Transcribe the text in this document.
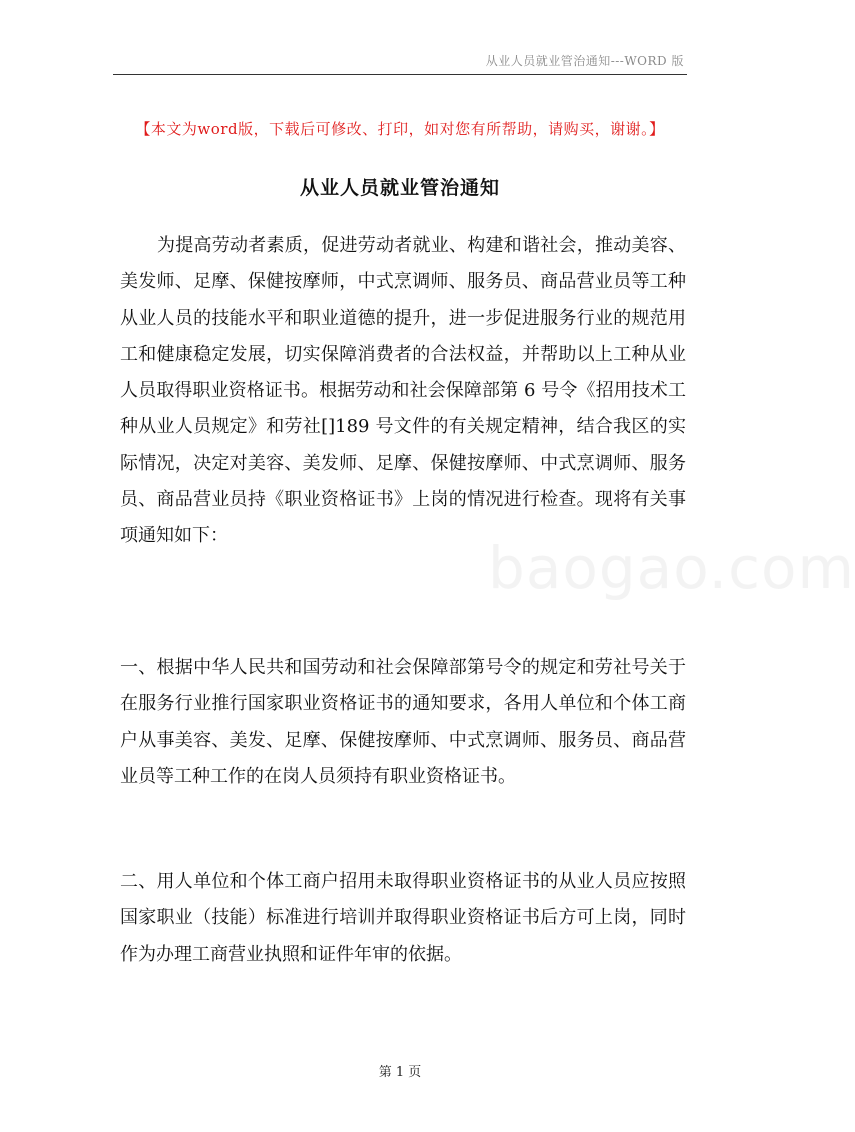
从业人员就业管治通知---WORD 版
【本文为word版，下载后可修改、打印，如对您有所帮助，请购买，谢谢。】
从业人员就业管治通知
为提高劳动者素质，促进劳动者就业、构建和谐社会，推动美容、美发师、足摩、保健按摩师，中式烹调师、服务员、商品营业员等工种从业人员的技能水平和职业道德的提升，进一步促进服务行业的规范用工和健康稳定发展，切实保障消费者的合法权益，并帮助以上工种从业人员取得职业资格证书。根据劳动和社会保障部第 6 号令《招用技术工种从业人员规定》和劳社[]189 号文件的有关规定精神，结合我区的实际情况，决定对美容、美发师、足摩、保健按摩师、中式烹调师、服务员、商品营业员持《职业资格证书》上岗的情况进行检查。现将有关事项通知如下：
一、根据中华人民共和国劳动和社会保障部第号令的规定和劳社号关于在服务行业推行国家职业资格证书的通知要求，各用人单位和个体工商户从事美容、美发、足摩、保健按摩师、中式烹调师、服务员、商品营业员等工种工作的在岗人员须持有职业资格证书。
二、用人单位和个体工商户招用未取得职业资格证书的从业人员应按照国家职业（技能）标准进行培训并取得职业资格证书后方可上岗，同时作为办理工商营业执照和证件年审的依据。
baogao.com
第 1 页
